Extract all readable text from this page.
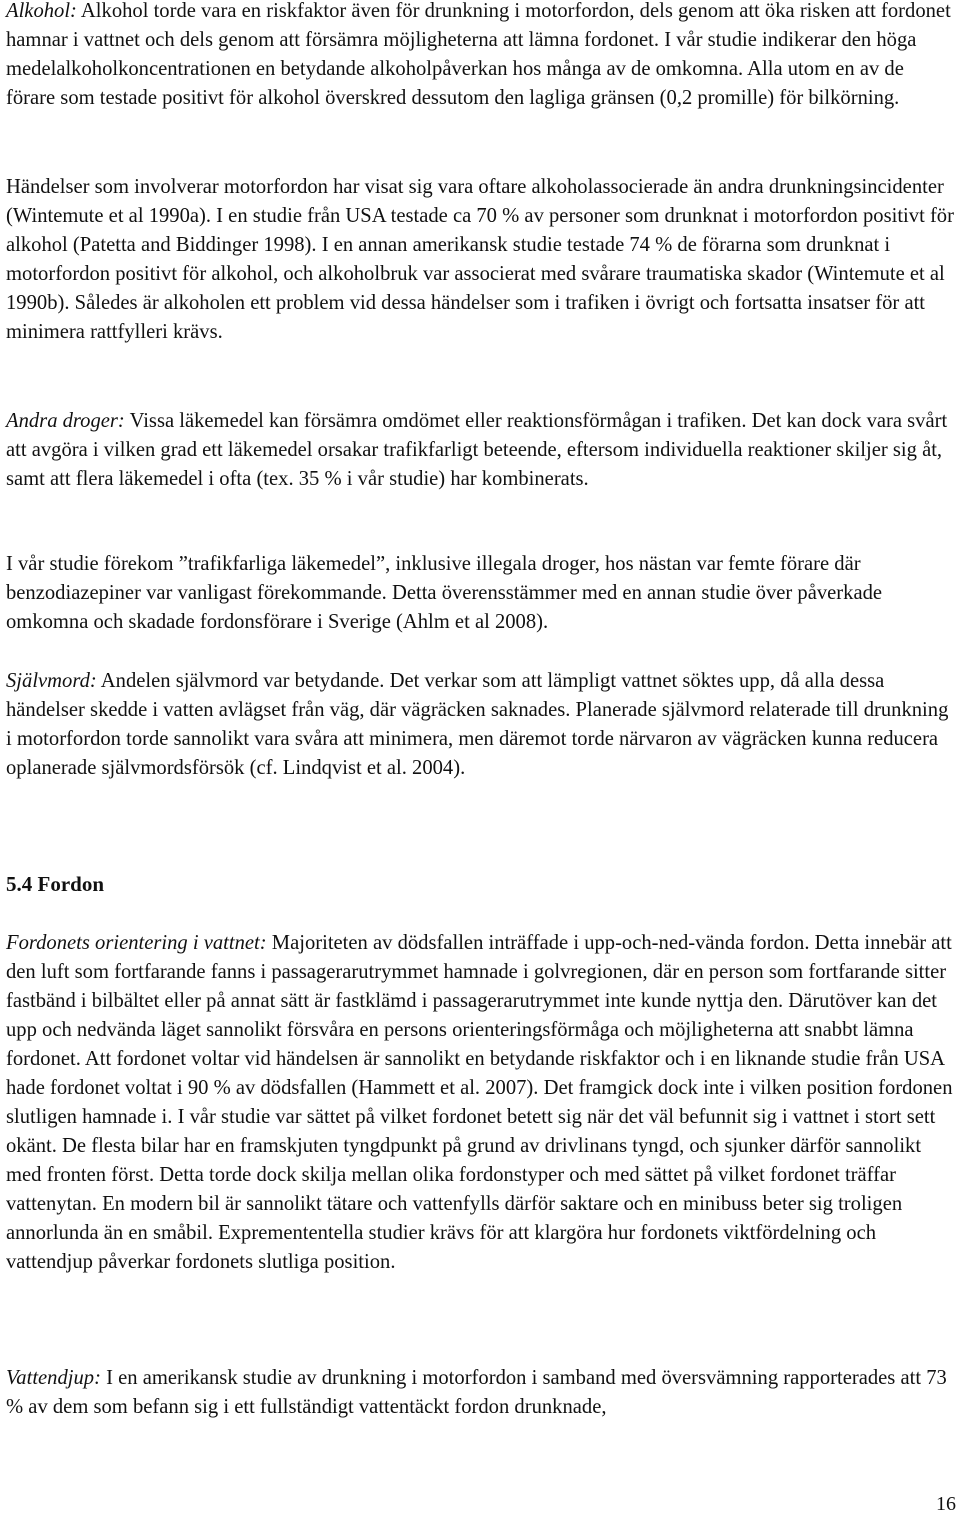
Alkohol: Alkohol torde vara en riskfaktor även för drunkning i motorfordon, dels genom att öka risken att fordonet hamnar i vattnet och dels genom att försämra möjligheterna att lämna fordonet. I vår studie indikerar den höga medelalkoholkoncentrationen en betydande alkoholpåverkan hos många av de omkomna. Alla utom en av de förare som testade positivt för alkohol överskred dessutom den lagliga gränsen (0,2 promille) för bilkörning.

Händelser som involverar motorfordon har visat sig vara oftare alkoholassocierade än andra drunkningsincidenter (Wintemute et al 1990a). I en studie från USA testade ca 70 % av personer som drunknat i motorfordon positivt för alkohol (Patetta and Biddinger 1998). I en annan amerikansk studie testade 74 % de förarna som drunknat i motorfordon positivt för alkohol, och alkoholbruk var associerat med svårare traumatiska skador (Wintemute et al 1990b). Således är alkoholen ett problem vid dessa händelser som i trafiken i övrigt och fortsatta insatser för att minimera rattfylleri krävs.

Andra droger: Vissa läkemedel kan försämra omdömet eller reaktionsförmågan i trafiken. Det kan dock vara svårt att avgöra i vilken grad ett läkemedel orsakar trafikfarligt beteende, eftersom individuella reaktioner skiljer sig åt, samt att flera läkemedel i ofta (tex. 35 % i vår studie) har kombinerats.

I vår studie förekom ”trafikfarliga läkemedel”, inklusive illegala droger, hos nästan var femte förare där benzodiazepiner var vanligast förekommande. Detta överensstämmer med en annan studie över påverkade omkomna och skadade fordonsförare i Sverige (Ahlm et al 2008).

Självmord: Andelen självmord var betydande. Det verkar som att lämpligt vattnet söktes upp, då alla dessa händelser skedde i vatten avlägset från väg, där vägräcken saknades. Planerade självmord relaterade till drunkning i motorfordon torde sannolikt vara svåra att minimera, men däremot torde närvaron av vägräcken kunna reducera oplanerade självmordsförsök (cf. Lindqvist et al. 2004).

5.4 Fordon

Fordonets orientering i vattnet: Majoriteten av dödsfallen inträffade i upp-och-ned-vända fordon. Detta innebär att den luft som fortfarande fanns i passagerarutrymmet hamnade i golvregionen, där en person som fortfarande sitter fastbänd i bilbältet eller på annat sätt är fastklämd i passagerarutrymmet inte kunde nyttja den. Därutöver kan det upp och nedvända läget sannolikt försvåra en persons orienteringsförmåga och möjligheterna att snabbt lämna fordonet. Att fordonet voltar vid händelsen är sannolikt en betydande riskfaktor och i en liknande studie från USA hade fordonet voltat i 90 % av dödsfallen (Hammett et al. 2007). Det framgick dock inte i vilken position fordonen slutligen hamnade i. I vår studie var sättet på vilket fordonet betett sig när det väl befunnit sig i vattnet i stort sett okänt. De flesta bilar har en framskjuten tyngdpunkt på grund av drivlinans tyngd, och sjunker därför sannolikt med fronten först. Detta torde dock skilja mellan olika fordonstyper och med sättet på vilket fordonet träffar vattenytan. En modern bil är sannolikt tätare och vattenfylls därför saktare och en minibuss beter sig troligen annorlunda än en småbil. Expremententella studier krävs för att klargöra hur fordonets viktfördelning och vattendjup påverkar fordonets slutliga position.

Vattendjup: I en amerikansk studie av drunkning i motorfordon i samband med översvämning rapporterades att 73 % av dem som befann sig i ett fullständigt vattentäckt fordon drunknade,

16
